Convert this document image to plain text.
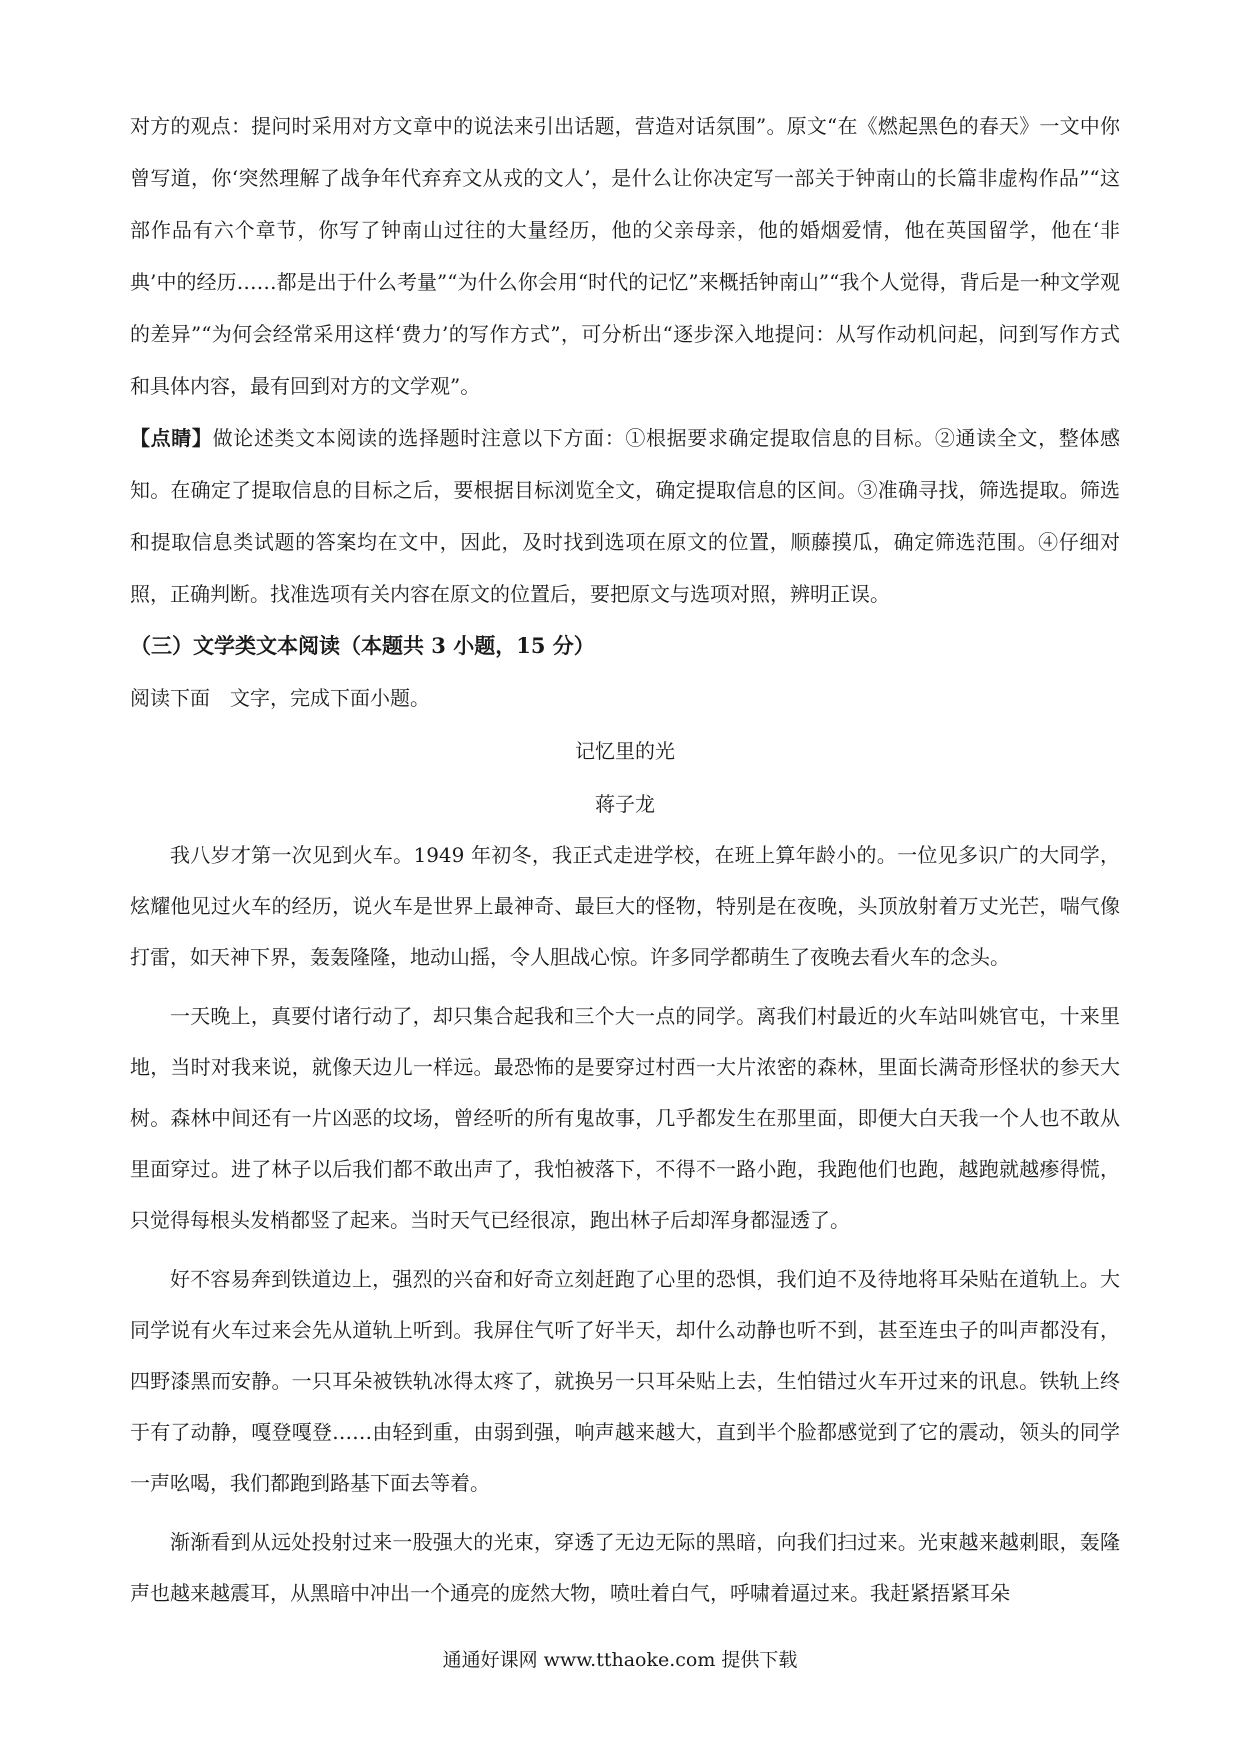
对方的观点：提问时采用对方文章中的说法来引出话题，营造对话氛围”。原文“在《燃起黑色的春天》一文中你曾写道，你‘突然理解了战争年代弃弃文从戎的文人’，是什么让你决定写一部关于钟南山的长篇非虚构作品”“这部作品有六个章节，你写了钟南山过往的大量经历，他的父亲母亲，他的婚烟爱情，他在英国留学，他在‘非典’中的经历……都是出于什么考量”“为什么你会用“时代的记忆”来概括钟南山”“我个人觉得，背后是一种文学观的差异”“为何会经常采用这样‘费力’的写作方式”，可分析出“逐步深入地提问：从写作动机问起，问到写作方式和具体内容，最有回到对方的文学观”。

【点睛】做论述类文本阅读的选择题时注意以下方面：①根据要求确定提取信息的目标。②通读全文，整体感知。在确定了提取信息的目标之后，要根据目标浏览全文，确定提取信息的区间。③准确寻找，筛选提取。筛选和提取信息类试题的答案均在文中，因此，及时找到选项在原文的位置，顺藤摸瓜，确定筛选范围。④仔细对照，正确判断。找准选项有关内容在原文的位置后，要把原文与选项对照，辨明正误。

（三）文学类文本阅读（本题共 3 小题，15 分）

阅读下面　文字，完成下面小题。

记忆里的光

蒋子龙

我八岁才第一次见到火车。1949 年初冬，我正式走进学校，在班上算年龄小的。一位见多识广的大同学，炫耀他见过火车的经历，说火车是世界上最神奇、最巨大的怪物，特别是在夜晚，头顶放射着万丈光芒，喘气像打雷，如天神下界，轰轰隆隆，地动山摇，令人胆战心惊。许多同学都萌生了夜晚去看火车的念头。

一天晚上，真要付诸行动了，却只集合起我和三个大一点的同学。离我们村最近的火车站叫姚官屯，十来里地，当时对我来说，就像天边儿一样远。最恐怖的是要穿过村西一大片浓密的森林，里面长满奇形怪状的参天大树。森林中间还有一片凶恶的坟场，曾经听的所有鬼故事，几乎都发生在那里面，即便大白天我一个人也不敢从里面穿过。进了林子以后我们都不敢出声了，我怕被落下，不得不一路小跑，我跑他们也跑，越跑就越瘆得慌，只觉得每根头发梢都竖了起来。当时天气已经很凉，跑出林子后却浑身都湿透了。

好不容易奔到铁道边上，强烈的兴奋和好奇立刻赶跑了心里的恐惧，我们迫不及待地将耳朵贴在道轨上。大同学说有火车过来会先从道轨上听到。我屏住气听了好半天，却什么动静也听不到，甚至连虫子的叫声都没有，四野漆黑而安静。一只耳朵被铁轨冰得太疼了，就换另一只耳朵贴上去，生怕错过火车开过来的讯息。铁轨上终于有了动静，嘎登嘎登……由轻到重，由弱到强，响声越来越大，直到半个脸都感觉到了它的震动，领头的同学一声吆喝，我们都跑到路基下面去等着。

渐渐看到从远处投射过来一股强大的光束，穿透了无边无际的黑暗，向我们扫过来。光束越来越刺眼，轰隆声也越来越震耳，从黑暗中冲出一个通亮的庞然大物，喷吐着白气，呼啸着逼过来。我赶紧捂紧耳朵

通通好课网 www.tthaoke.com 提供下载
